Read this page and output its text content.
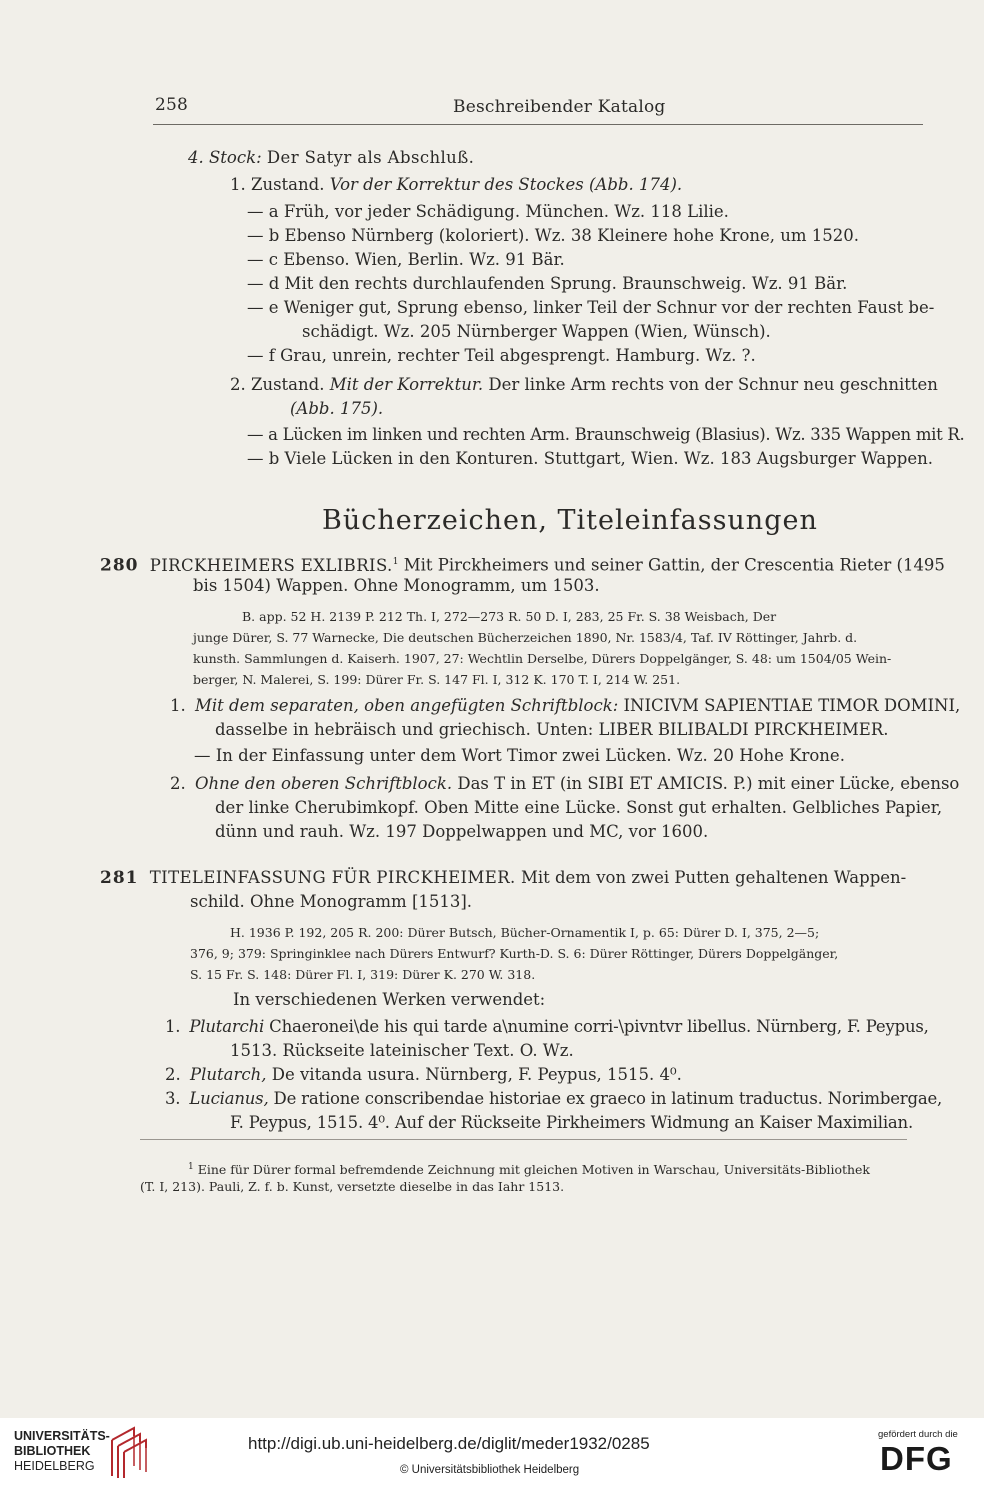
258	Beschreibender Katalog
4. Stock: Der Satyr als Abschluß.
1. Zustand. Vor der Korrektur des Stockes (Abb. 174).
— a Früh, vor jeder Schädigung. München. Wz. 118 Lilie.
— b Ebenso Nürnberg (koloriert). Wz. 38 Kleinere hohe Krone, um 1520.
— c Ebenso. Wien, Berlin. Wz. 91 Bär.
— d Mit den rechts durchlaufenden Sprung. Braunschweig. Wz. 91 Bär.
— e Weniger gut, Sprung ebenso, linker Teil der Schnur vor der rechten Faust be-
schädigt. Wz. 205 Nürnberger Wappen (Wien, Wünsch).
— f Grau, unrein, rechter Teil abgesprengt. Hamburg. Wz. ?.
2. Zustand. Mit der Korrektur. Der linke Arm rechts von der Schnur neu geschnitten
(Abb. 175).
— a Lücken im linken und rechten Arm. Braunschweig (Blasius). Wz. 335 Wappen mit R.
— b Viele Lücken in den Konturen. Stuttgart, Wien. Wz. 183 Augsburger Wappen.
Bücherzeichen, Titeleinfassungen
280 PIRCKHEIMERS EXLIBRIS.$^1$ Mit Pirckheimers und seiner Gattin, der Crescentia Rieter (1495
bis 1504) Wappen. Ohne Monogramm, um 1503.
B. app. 52 H. 2139 P. 212 Th. I, 272—273 R. 50 D. I, 283, 25 Fr. S. 38 Weisbach, Der
junge Dürer, S. 77 Warnecke, Die deutschen Bücherzeichen 1890, Nr. 1583/4, Taf. IV Röttinger, Jahrb. d.
kunsth. Sammlungen d. Kaiserh. 1907, 27: Wechtlin Derselbe, Dürers Doppelgänger, S. 48: um 1504/05 Wein-
berger, N. Malerei, S. 199: Dürer Fr. S. 147 Fl. I, 312 K. 170 T. I, 214 W. 251.
1. Mit dem separaten, oben angefügten Schriftblock: INICIVM SAPIENTIAE TIMOR DOMINI,
dasselbe in hebräisch und griechisch. Unten: LIBER BILIBALDI PIRCKHEIMER.
— In der Einfassung unter dem Wort Timor zwei Lücken. Wz. 20 Hohe Krone.
2. Ohne den oberen Schriftblock. Das T in ET (in SIBI ET AMICIS. P.) mit einer Lücke, ebenso
der linke Cherubimkopf. Oben Mitte eine Lücke. Sonst gut erhalten. Gelbliches Papier,
dünn und rauh. Wz. 197 Doppelwappen und MC, vor 1600.
281 TITELEINFASSUNG FÜR PIRCKHEIMER. Mit dem von zwei Putten gehaltenen Wappen-
schild. Ohne Monogramm [1513].
H. 1936 P. 192, 205 R. 200: Dürer Butsch, Bücher-Ornamentik I, p. 65: Dürer D. I, 375, 2—5;
376, 9; 379: Springinklee nach Dürers Entwurf? Kurth-D. S. 6: Dürer Röttinger, Dürers Doppelgänger,
S. 15 Fr. S. 148: Dürer Fl. I, 319: Dürer K. 270 W. 318.
In verschiedenen Werken verwendet:
1. Plutarchi Chaeronei\de his qui tarde a\numine corri-\pivntvr libellus. Nürnberg, F. Peypus,
1513. Rückseite lateinischer Text. O. Wz.
2. Plutarch, De vitanda usura. Nürnberg, F. Peypus, 1515. 4⁰.
3. Lucianus, De ratione conscribendae historiae ex graeco in latinum traductus. Norimbergae,
F. Peypus, 1515. 4⁰. Auf der Rückseite Pirkheimers Widmung an Kaiser Maximilian.
$^1$ Eine für Dürer formal befremdende Zeichnung mit gleichen Motiven in Warschau, Universitäts-Bibliothek
(T. I, 213). Pauli, Z. f. b. Kunst, versetzte dieselbe in das Iahr 1513.
UNIVERSITÄTS-
BIBLIOTHEK
HEIDELBERG
http://digi.ub.uni-heidelberg.de/diglit/meder1932/0285
© Universitätsbibliothek Heidelberg
gefördert durch die
DFG
